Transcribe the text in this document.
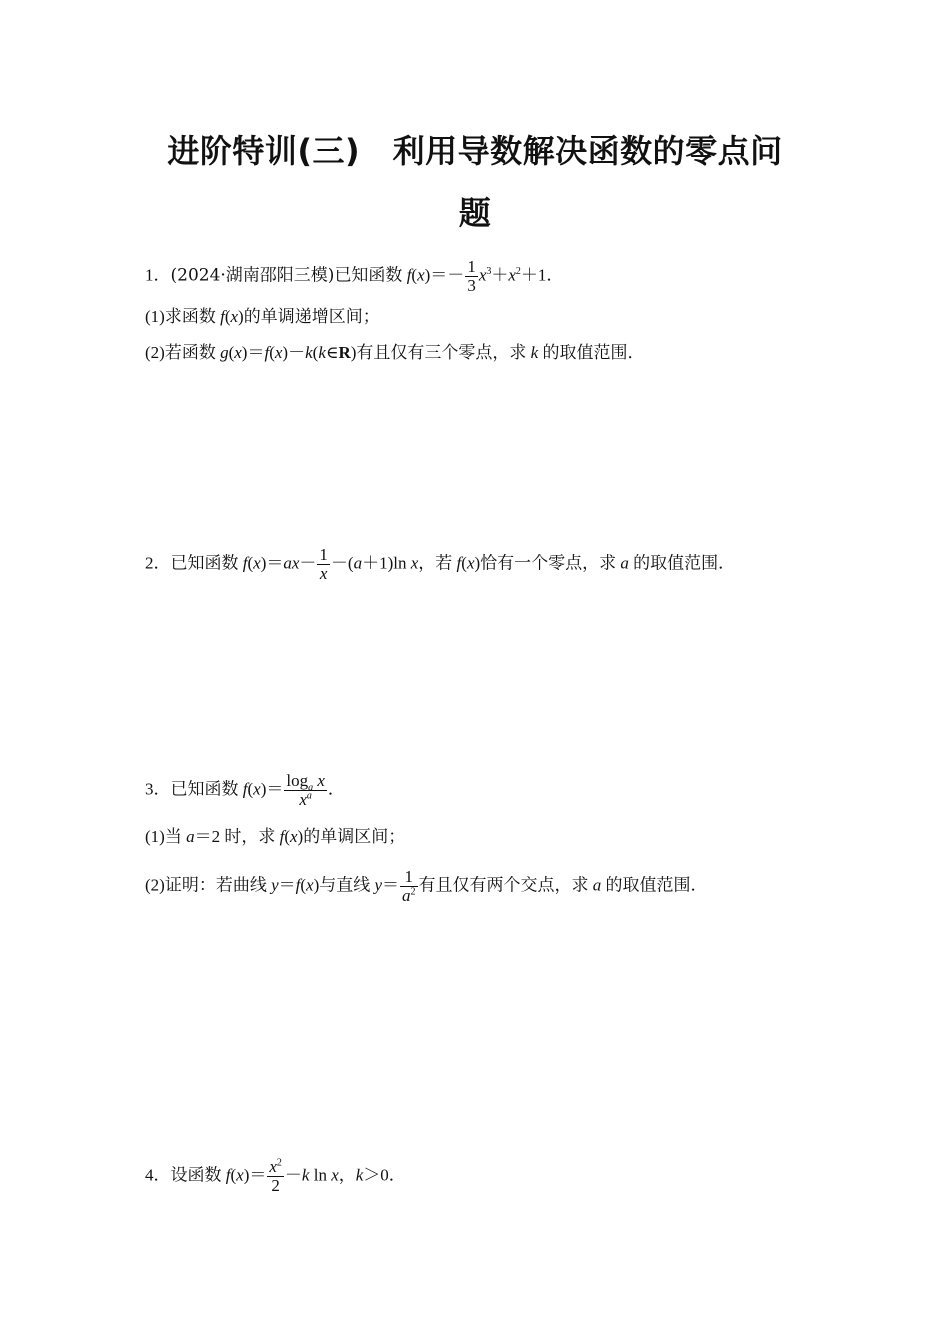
进阶特训(三)　利用导数解决函数的零点问
题
1．(2024·湖南邵阳三模)已知函数 $f(x)=- \frac{1}{3} x^3+x^2+1$．
(1)求函数 f(x)的单调递增区间；
(2)若函数 g(x)＝f(x)－k(k∈R)有且仅有三个零点，求 k 的取值范围．
2．已知函数 $f(x)=ax- \frac{1}{x} -(a+1)\ln$ x，若 f(x)恰有一个零点，求 a 的取值范围．
3．已知函数 $f(x)= \frac{\log_a x}{x^a}$ ．
(1)当 a＝2 时，求 f(x)的单调区间；
(2)证明：若曲线 y＝f(x)与直线 $y= \frac{1}{a^2}$ 有且仅有两个交点，求 a 的取值范围．
4．设函数 $f(x)= \frac{x^2}{2} -k$ ln x，k＞0．
